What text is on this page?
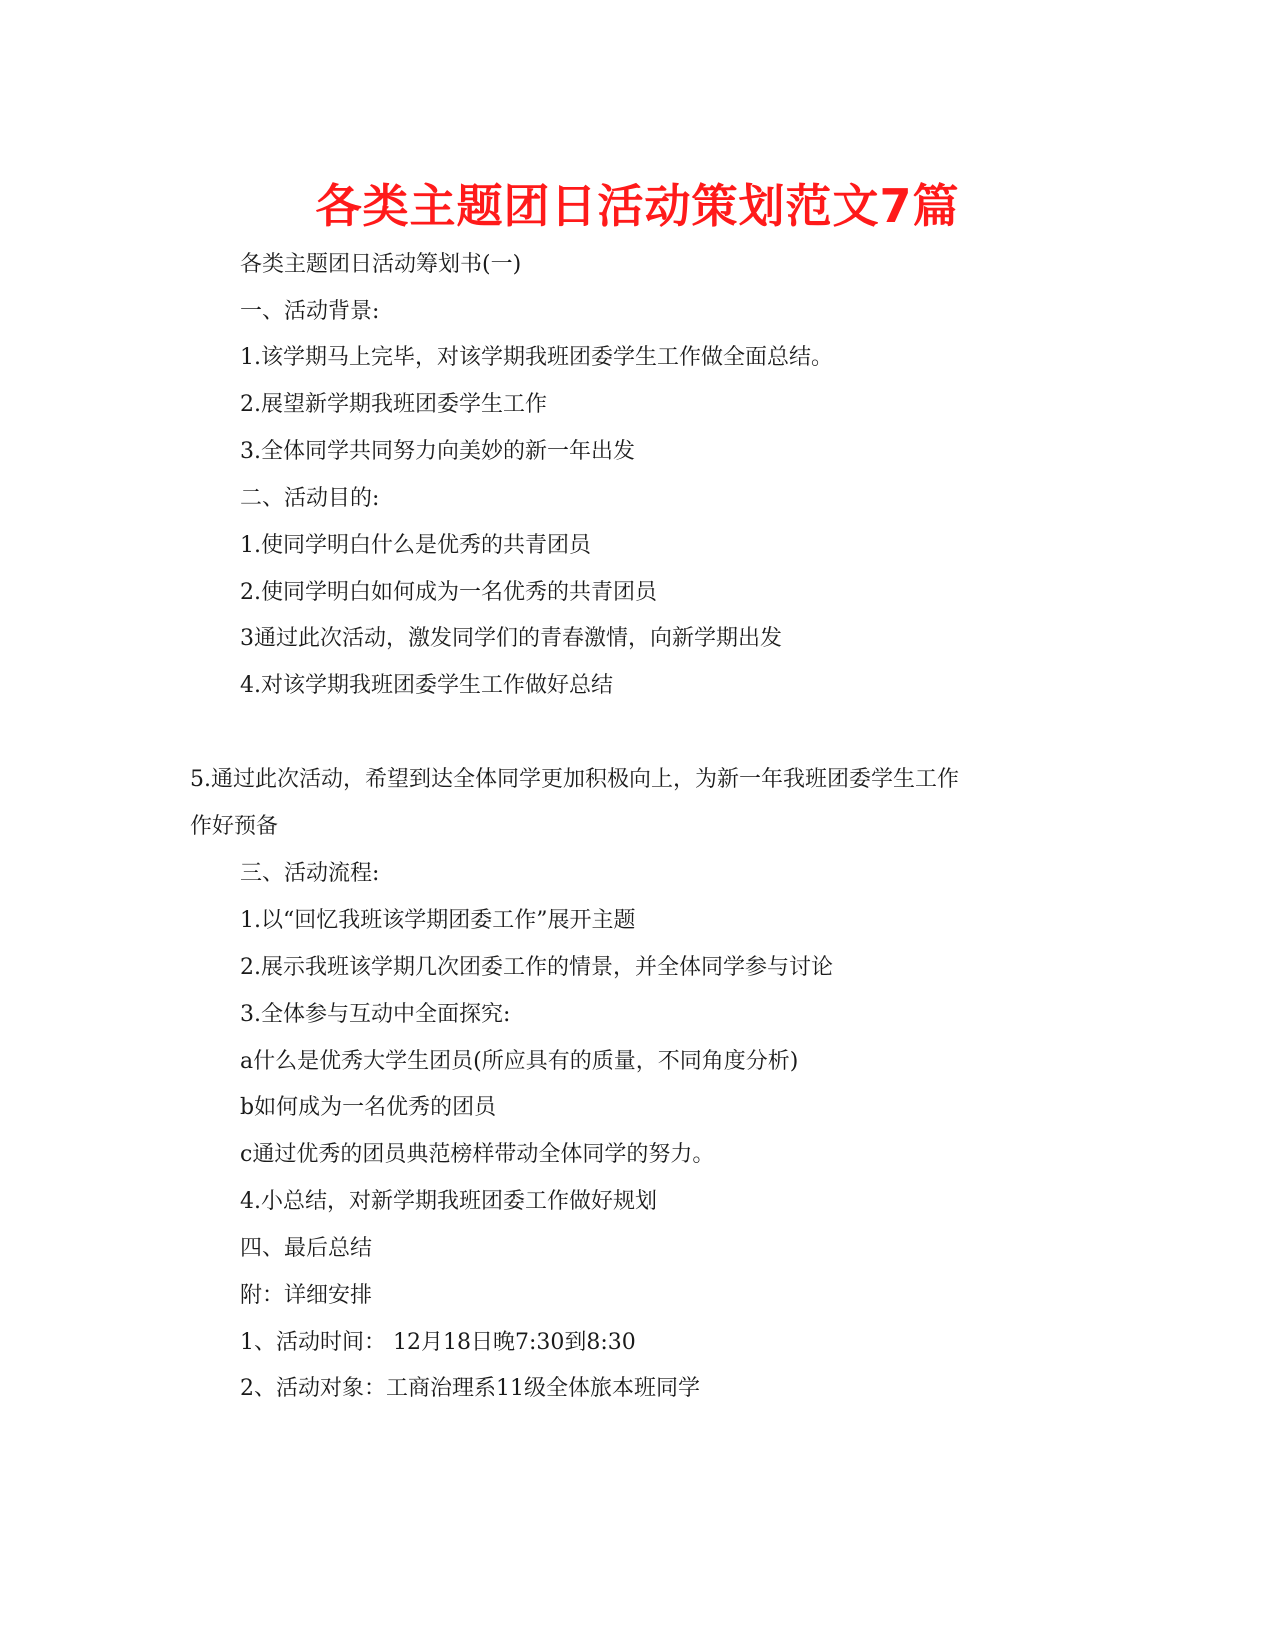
各类主题团日活动策划范文7篇

各类主题团日活动筹划书(一)

一、活动背景:

1.该学期马上完毕，对该学期我班团委学生工作做全面总结。

2.展望新学期我班团委学生工作

3.全体同学共同努力向美妙的新一年出发

二、活动目的:

1.使同学明白什么是优秀的共青团员

2.使同学明白如何成为一名优秀的共青团员

3通过此次活动，激发同学们的青春激情，向新学期出发

4.对该学期我班团委学生工作做好总结

5.通过此次活动，希望到达全体同学更加积极向上，为新一年我班团委学生工作

作好预备

三、活动流程:

1.以“回忆我班该学期团委工作”展开主题

2.展示我班该学期几次团委工作的情景，并全体同学参与讨论

3.全体参与互动中全面探究:

a什么是优秀大学生团员(所应具有的质量，不同角度分析)

b如何成为一名优秀的团员

c通过优秀的团员典范榜样带动全体同学的努力。

4.小总结，对新学期我班团委工作做好规划

四、最后总结

附：详细安排

1、活动时间： 12月18日晚7:30到8:30

2、活动对象：工商治理系11级全体旅本班同学
